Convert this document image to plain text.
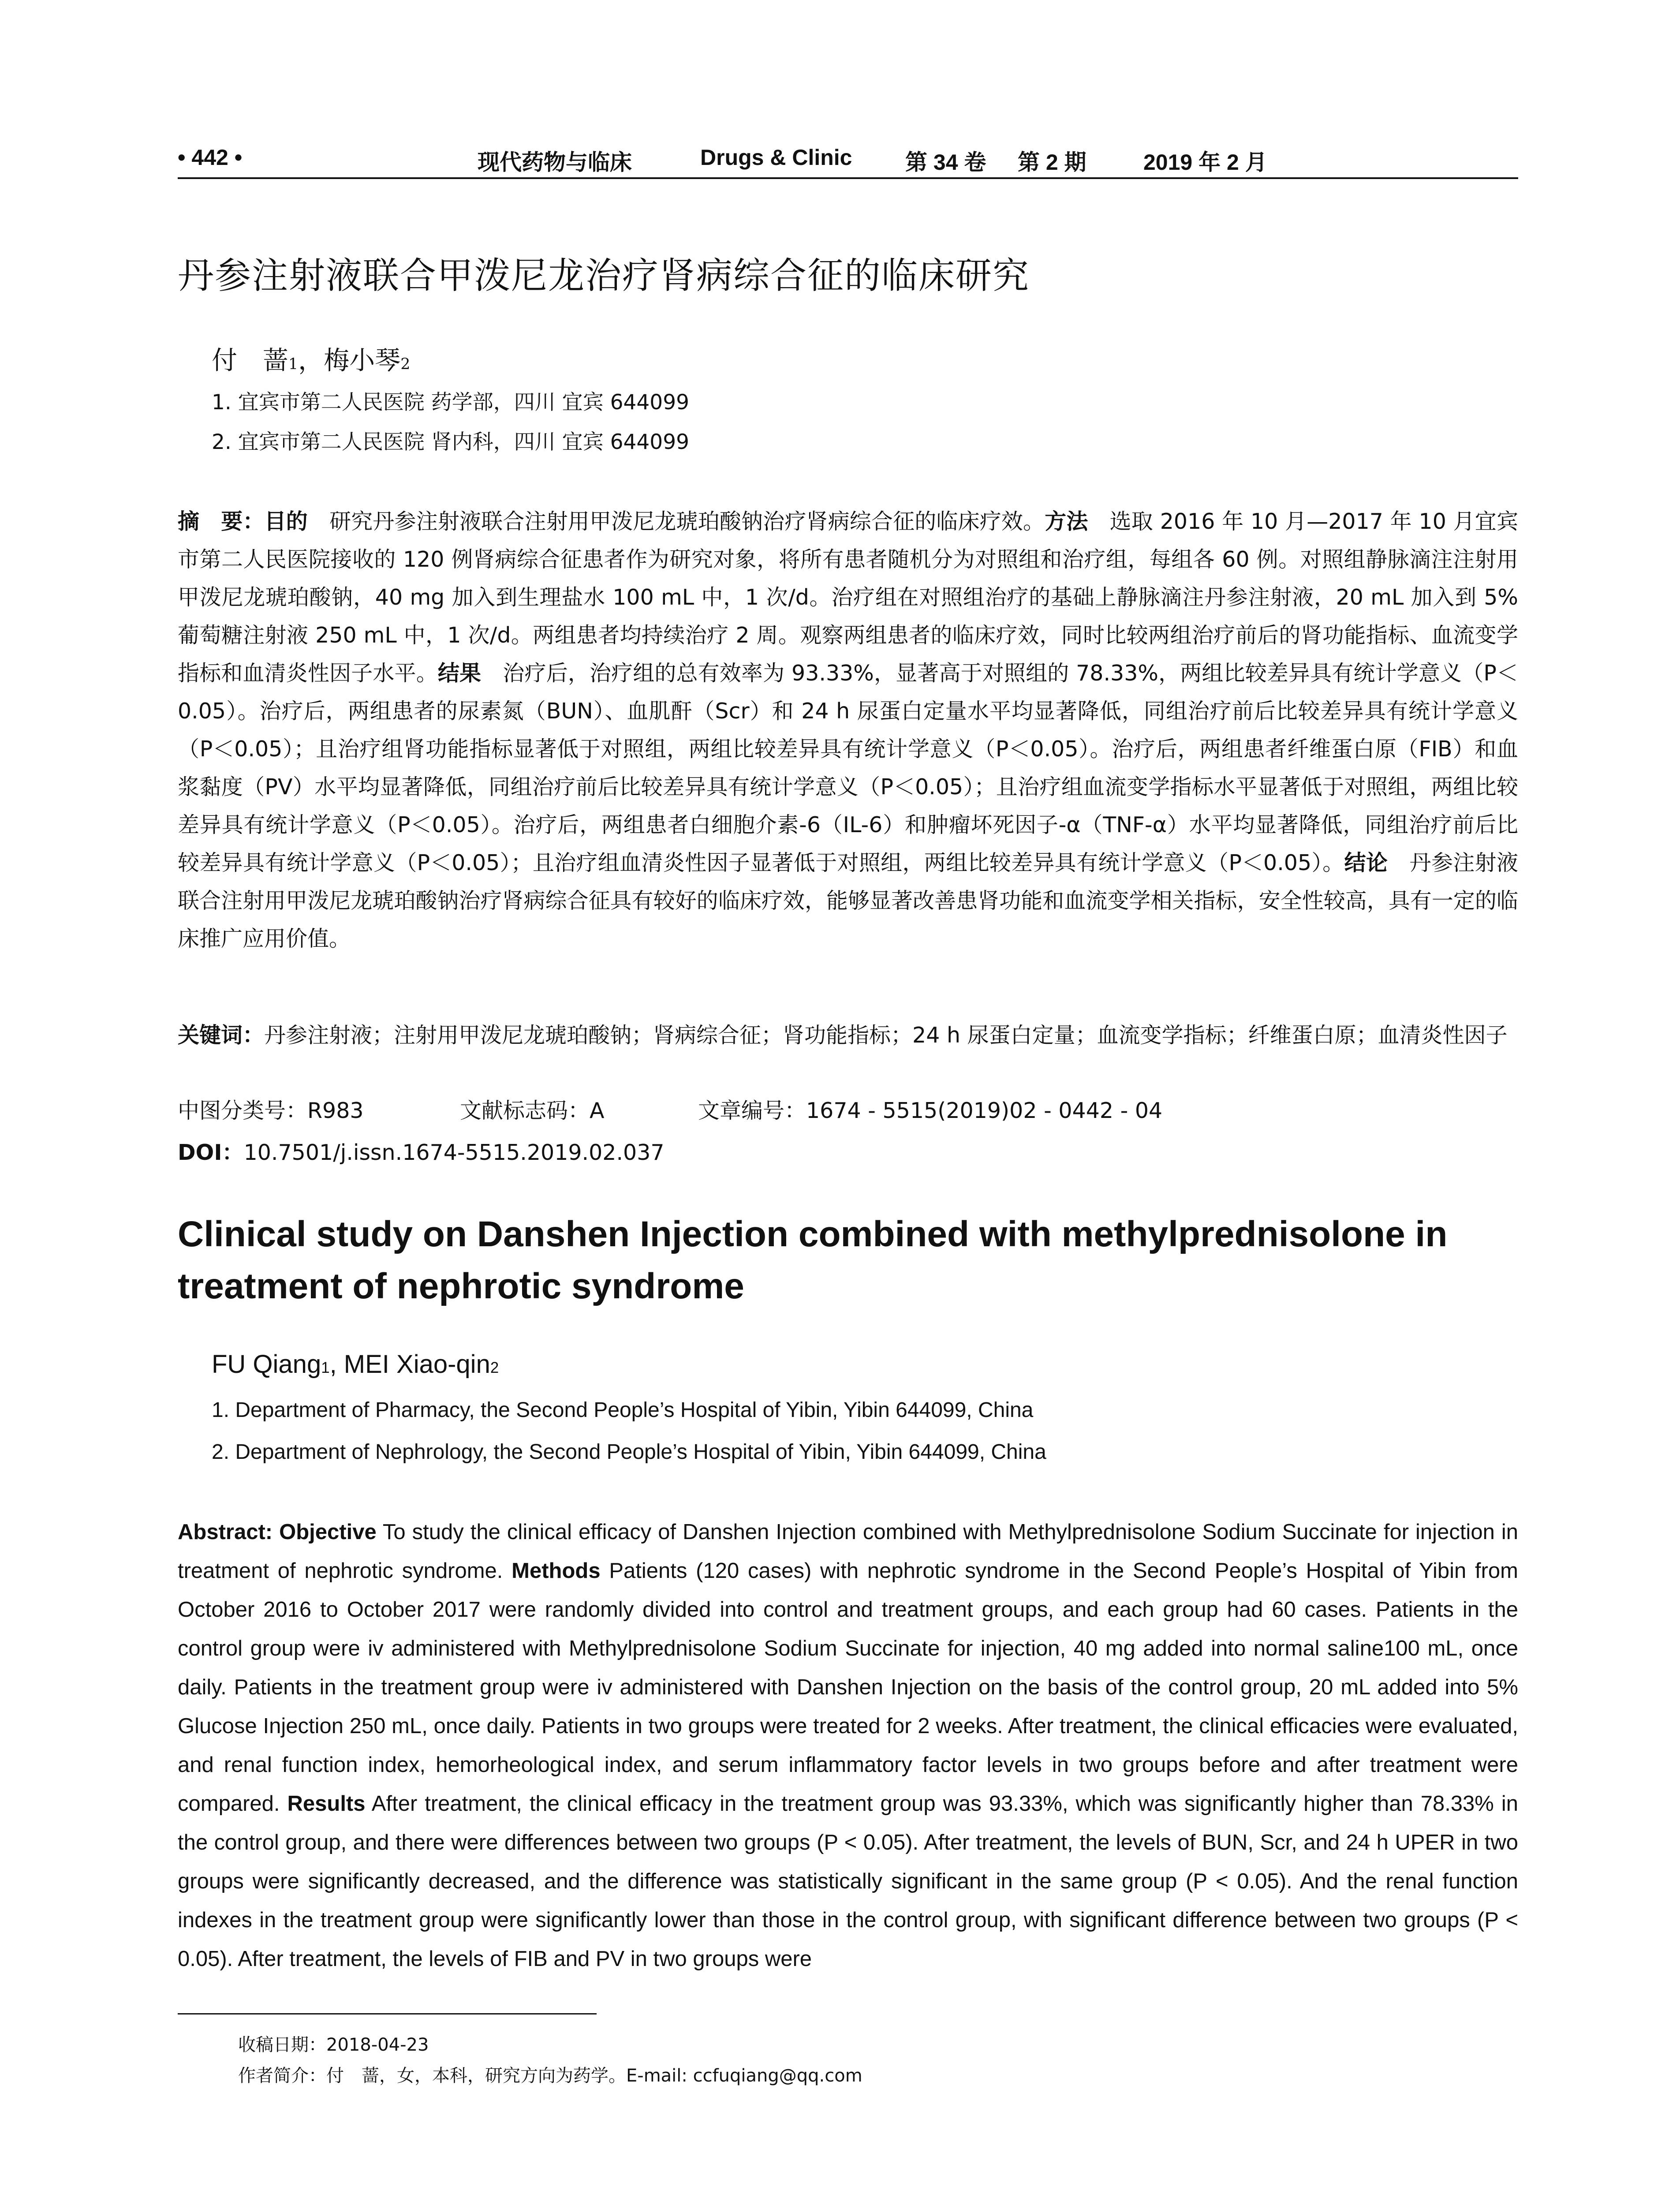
• 442 •	现代药物与临床	Drugs & Clinic 第 34 卷 第 2 期	2019 年 2 月
丹参注射液联合甲泼尼龙治疗肾病综合征的临床研究
付　蔷$^1$，梅小琴$^2$
1. 宜宾市第二人民医院 药学部，四川 宜宾 644099
2. 宜宾市第二人民医院 肾内科，四川 宜宾 644099
摘　要：目的　研究丹参注射液联合注射用甲泼尼龙琥珀酸钠治疗肾病综合征的临床疗效。方法　选取 2016 年 10 月—2017 年 10 月宜宾市第二人民医院接收的 120 例肾病综合征患者作为研究对象，将所有患者随机分为对照组和治疗组，每组各 60 例。对照组静脉滴注注射用甲泼尼龙琥珀酸钠，40 mg 加入到生理盐水 100 mL 中，1 次/d。治疗组在对照组治疗的基础上静脉滴注丹参注射液，20 mL 加入到 5%葡萄糖注射液 250 mL 中，1 次/d。两组患者均持续治疗 2 周。观察两组患者的临床疗效，同时比较两组治疗前后的肾功能指标、血流变学指标和血清炎性因子水平。结果　治疗后，治疗组的总有效率为 93.33%，显著高于对照组的 78.33%，两组比较差异具有统计学意义（P＜0.05）。治疗后，两组患者的尿素氮（BUN）、血肌酐（Scr）和 24 h 尿蛋白定量水平均显著降低，同组治疗前后比较差异具有统计学意义（P＜0.05）；且治疗组肾功能指标显著低于对照组，两组比较差异具有统计学意义（P＜0.05）。治疗后，两组患者纤维蛋白原（FIB）和血浆黏度（PV）水平均显著降低，同组治疗前后比较差异具有统计学意义（P＜0.05）；且治疗组血流变学指标水平显著低于对照组，两组比较差异具有统计学意义（P＜0.05）。治疗后，两组患者白细胞介素-6（IL-6）和肿瘤坏死因子-α（TNF-α）水平均显著降低，同组治疗前后比较差异具有统计学意义（P＜0.05）；且治疗组血清炎性因子显著低于对照组，两组比较差异具有统计学意义（P＜0.05）。结论　丹参注射液联合注射用甲泼尼龙琥珀酸钠治疗肾病综合征具有较好的临床疗效，能够显著改善患肾功能和血流变学相关指标，安全性较高，具有一定的临床推广应用价值。
关键词：丹参注射液；注射用甲泼尼龙琥珀酸钠；肾病综合征；肾功能指标；24 h 尿蛋白定量；血流变学指标；纤维蛋白原；血清炎性因子
中图分类号：R983	文献标志码：A	文章编号：1674 - 5515(2019)02 - 0442 - 04
DOI：10.7501/j.issn.1674-5515.2019.02.037
Clinical study on Danshen Injection combined with methylprednisolone in
treatment of nephrotic syndrome
FU Qiang$^1$, MEI Xiao-qin$^2$
1. Department of Pharmacy, the Second People’s Hospital of Yibin, Yibin 644099, China
2. Department of Nephrology, the Second People’s Hospital of Yibin, Yibin 644099, China
Abstract: Objective To study the clinical efficacy of Danshen Injection combined with Methylprednisolone Sodium Succinate for injection in treatment of nephrotic syndrome. Methods Patients (120 cases) with nephrotic syndrome in the Second People’s Hospital of Yibin from October 2016 to October 2017 were randomly divided into control and treatment groups, and each group had 60 cases. Patients in the control group were iv administered with Methylprednisolone Sodium Succinate for injection, 40 mg added into normal saline100 mL, once daily. Patients in the treatment group were iv administered with Danshen Injection on the basis of the control group, 20 mL added into 5% Glucose Injection 250 mL, once daily. Patients in two groups were treated for 2 weeks. After treatment, the clinical efficacies were evaluated, and renal function index, hemorheological index, and serum inflammatory factor levels in two groups before and after treatment were compared. Results After treatment, the clinical efficacy in the treatment group was 93.33%, which was significantly higher than 78.33% in the control group, and there were differences between two groups (P < 0.05). After treatment, the levels of BUN, Scr, and 24 h UPER in two groups were significantly decreased, and the difference was statistically significant in the same group (P < 0.05). And the renal function indexes in the treatment group were significantly lower than those in the control group, with significant difference between two groups (P < 0.05). After treatment, the levels of FIB and PV in two groups were
收稿日期：2018-04-23
作者简介：付　蔷，女，本科，研究方向为药学。E-mail: ccfuqiang@qq.com
